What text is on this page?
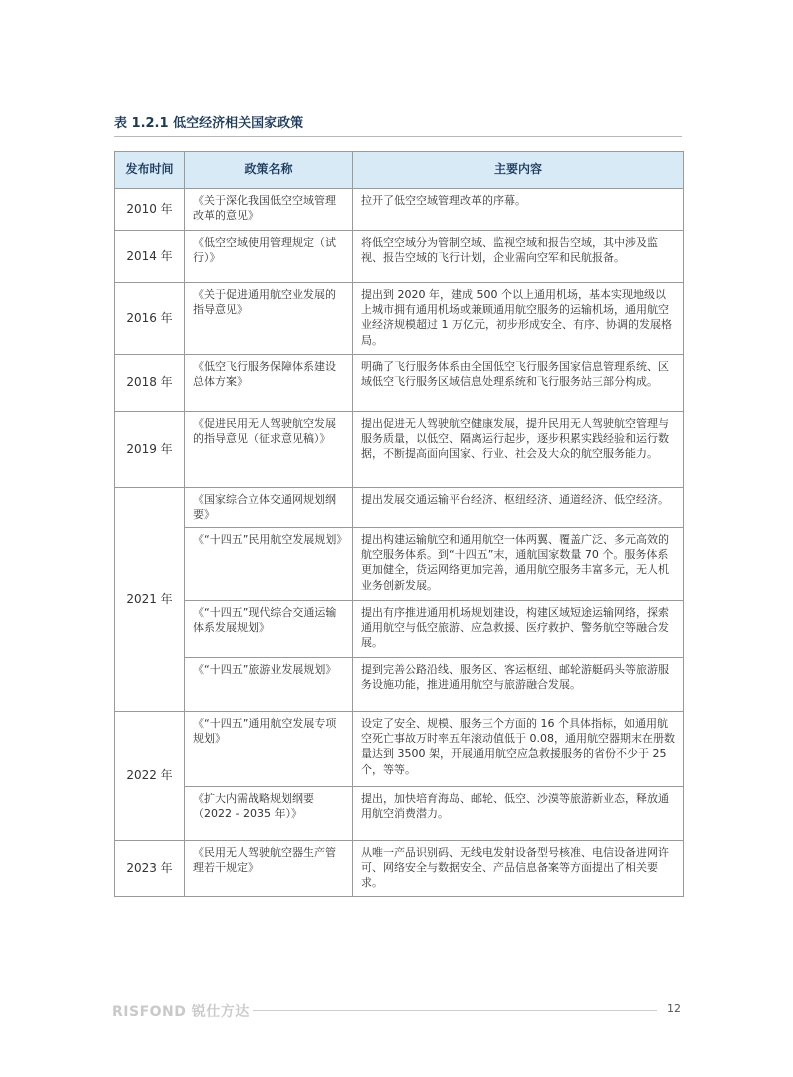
表 1.2.1 低空经济相关国家政策
发布时间	政策名称	主要内容
2010 年	《关于深化我国低空空域管理改革的意见》	拉开了低空空域管理改革的序幕。
2014 年	《低空空域使用管理规定（试行）》	将低空空域分为管制空域、监视空域和报告空域，其中涉及监视、报告空域的飞行计划，企业需向空军和民航报备。
2016 年	《关于促进通用航空业发展的指导意见》	提出到 2020 年，建成 500 个以上通用机场，基本实现地级以上城市拥有通用机场或兼顾通用航空服务的运输机场，通用航空业经济规模超过 1 万亿元，初步形成安全、有序、协调的发展格局。
2018 年	《低空飞行服务保障体系建设总体方案》	明确了飞行服务体系由全国低空飞行服务国家信息管理系统、区域低空飞行服务区域信息处理系统和飞行服务站三部分构成。
2019 年	《促进民用无人驾驶航空发展的指导意见（征求意见稿）》	提出促进无人驾驶航空健康发展，提升民用无人驾驶航空管理与服务质量，以低空、隔离运行起步，逐步积累实践经验和运行数据，不断提高面向国家、行业、社会及大众的航空服务能力。
2021 年	《国家综合立体交通网规划纲要》	提出发展交通运输平台经济、枢纽经济、通道经济、低空经济。
	《“十四五”民用航空发展规划》	提出构建运输航空和通用航空一体两翼、覆盖广泛、多元高效的航空服务体系。到“十四五”末，通航国家数量 70 个。服务体系更加健全，货运网络更加完善，通用航空服务丰富多元，无人机业务创新发展。
	《“十四五”现代综合交通运输体系发展规划》	提出有序推进通用机场规划建设，构建区域短途运输网络，探索通用航空与低空旅游、应急救援、医疗救护、警务航空等融合发展。
	《“十四五”旅游业发展规划》	提到完善公路沿线、服务区、客运枢纽、邮轮游艇码头等旅游服务设施功能，推进通用航空与旅游融合发展。
2022 年	《“十四五”通用航空发展专项规划》	设定了安全、规模、服务三个方面的 16 个具体指标，如通用航空死亡事故万时率五年滚动值低于 0.08，通用航空器期末在册数量达到 3500 架，开展通用航空应急救援服务的省份不少于 25 个，等等。
	《扩大内需战略规划纲要（2022 - 2035 年）》	提出，加快培育海岛、邮轮、低空、沙漠等旅游新业态，释放通用航空消费潜力。
2023 年	《民用无人驾驶航空器生产管理若干规定》	从唯一产品识别码、无线电发射设备型号核准、电信设备进网许可、网络安全与数据安全、产品信息备案等方面提出了相关要求。
RISFOND 锐仕方达	12
